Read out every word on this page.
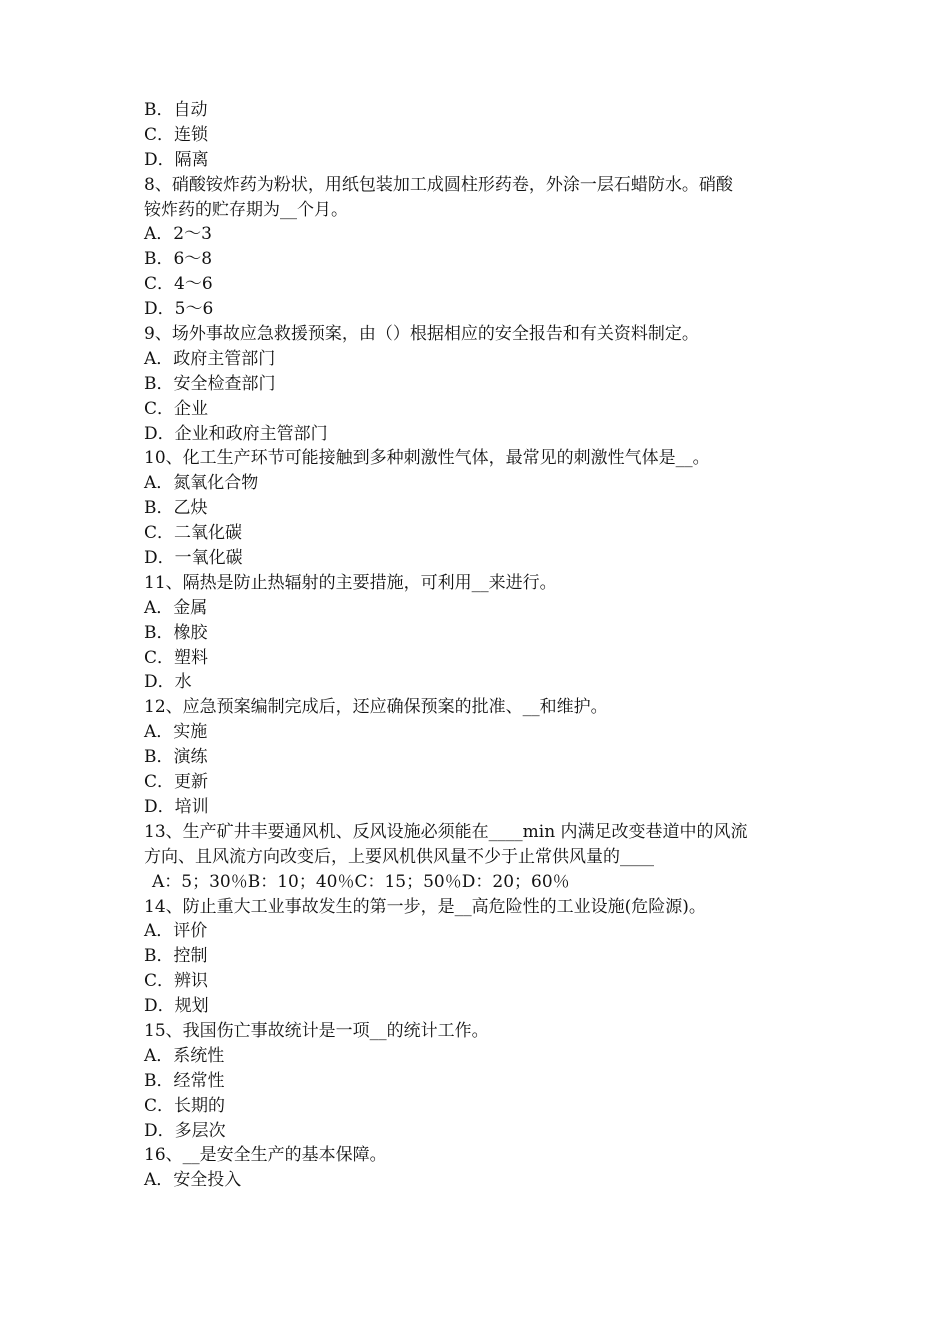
B．自动
C．连锁
D．隔离
8、硝酸铵炸药为粉状，用纸包装加工成圆柱形药卷，外涂一层石蜡防水。硝酸
铵炸药的贮存期为__个月。
A．2～3
B．6～8
C．4～6
D．5～6
9、场外事故应急救援预案，由（）根据相应的安全报告和有关资料制定。
A．政府主管部门
B．安全检查部门
C．企业
D．企业和政府主管部门
10、化工生产环节可能接触到多种刺激性气体，最常见的刺激性气体是__。
A．氮氧化合物
B．乙炔
C．二氧化碳
D．一氧化碳
11、隔热是防止热辐射的主要措施，可利用__来进行。
A．金属
B．橡胶
C．塑料
D．水
12、应急预案编制完成后，还应确保预案的批准、__和维护。
A．实施
B．演练
C．更新
D．培训
13、生产矿井丰要通风机、反风设施必须能在____min 内满足改变巷道中的风流
方向、且风流方向改变后，上要风机供风量不少于止常供风量的____
A：5；30％B：10；40％C：15；50％D：20；60％
14、防止重大工业事故发生的第一步，是__高危险性的工业设施(危险源)。
A．评价
B．控制
C．辨识
D．规划
15、我国伤亡事故统计是一项__的统计工作。
A．系统性
B．经常性
C．长期的
D．多层次
16、__是安全生产的基本保障。
A．安全投入
